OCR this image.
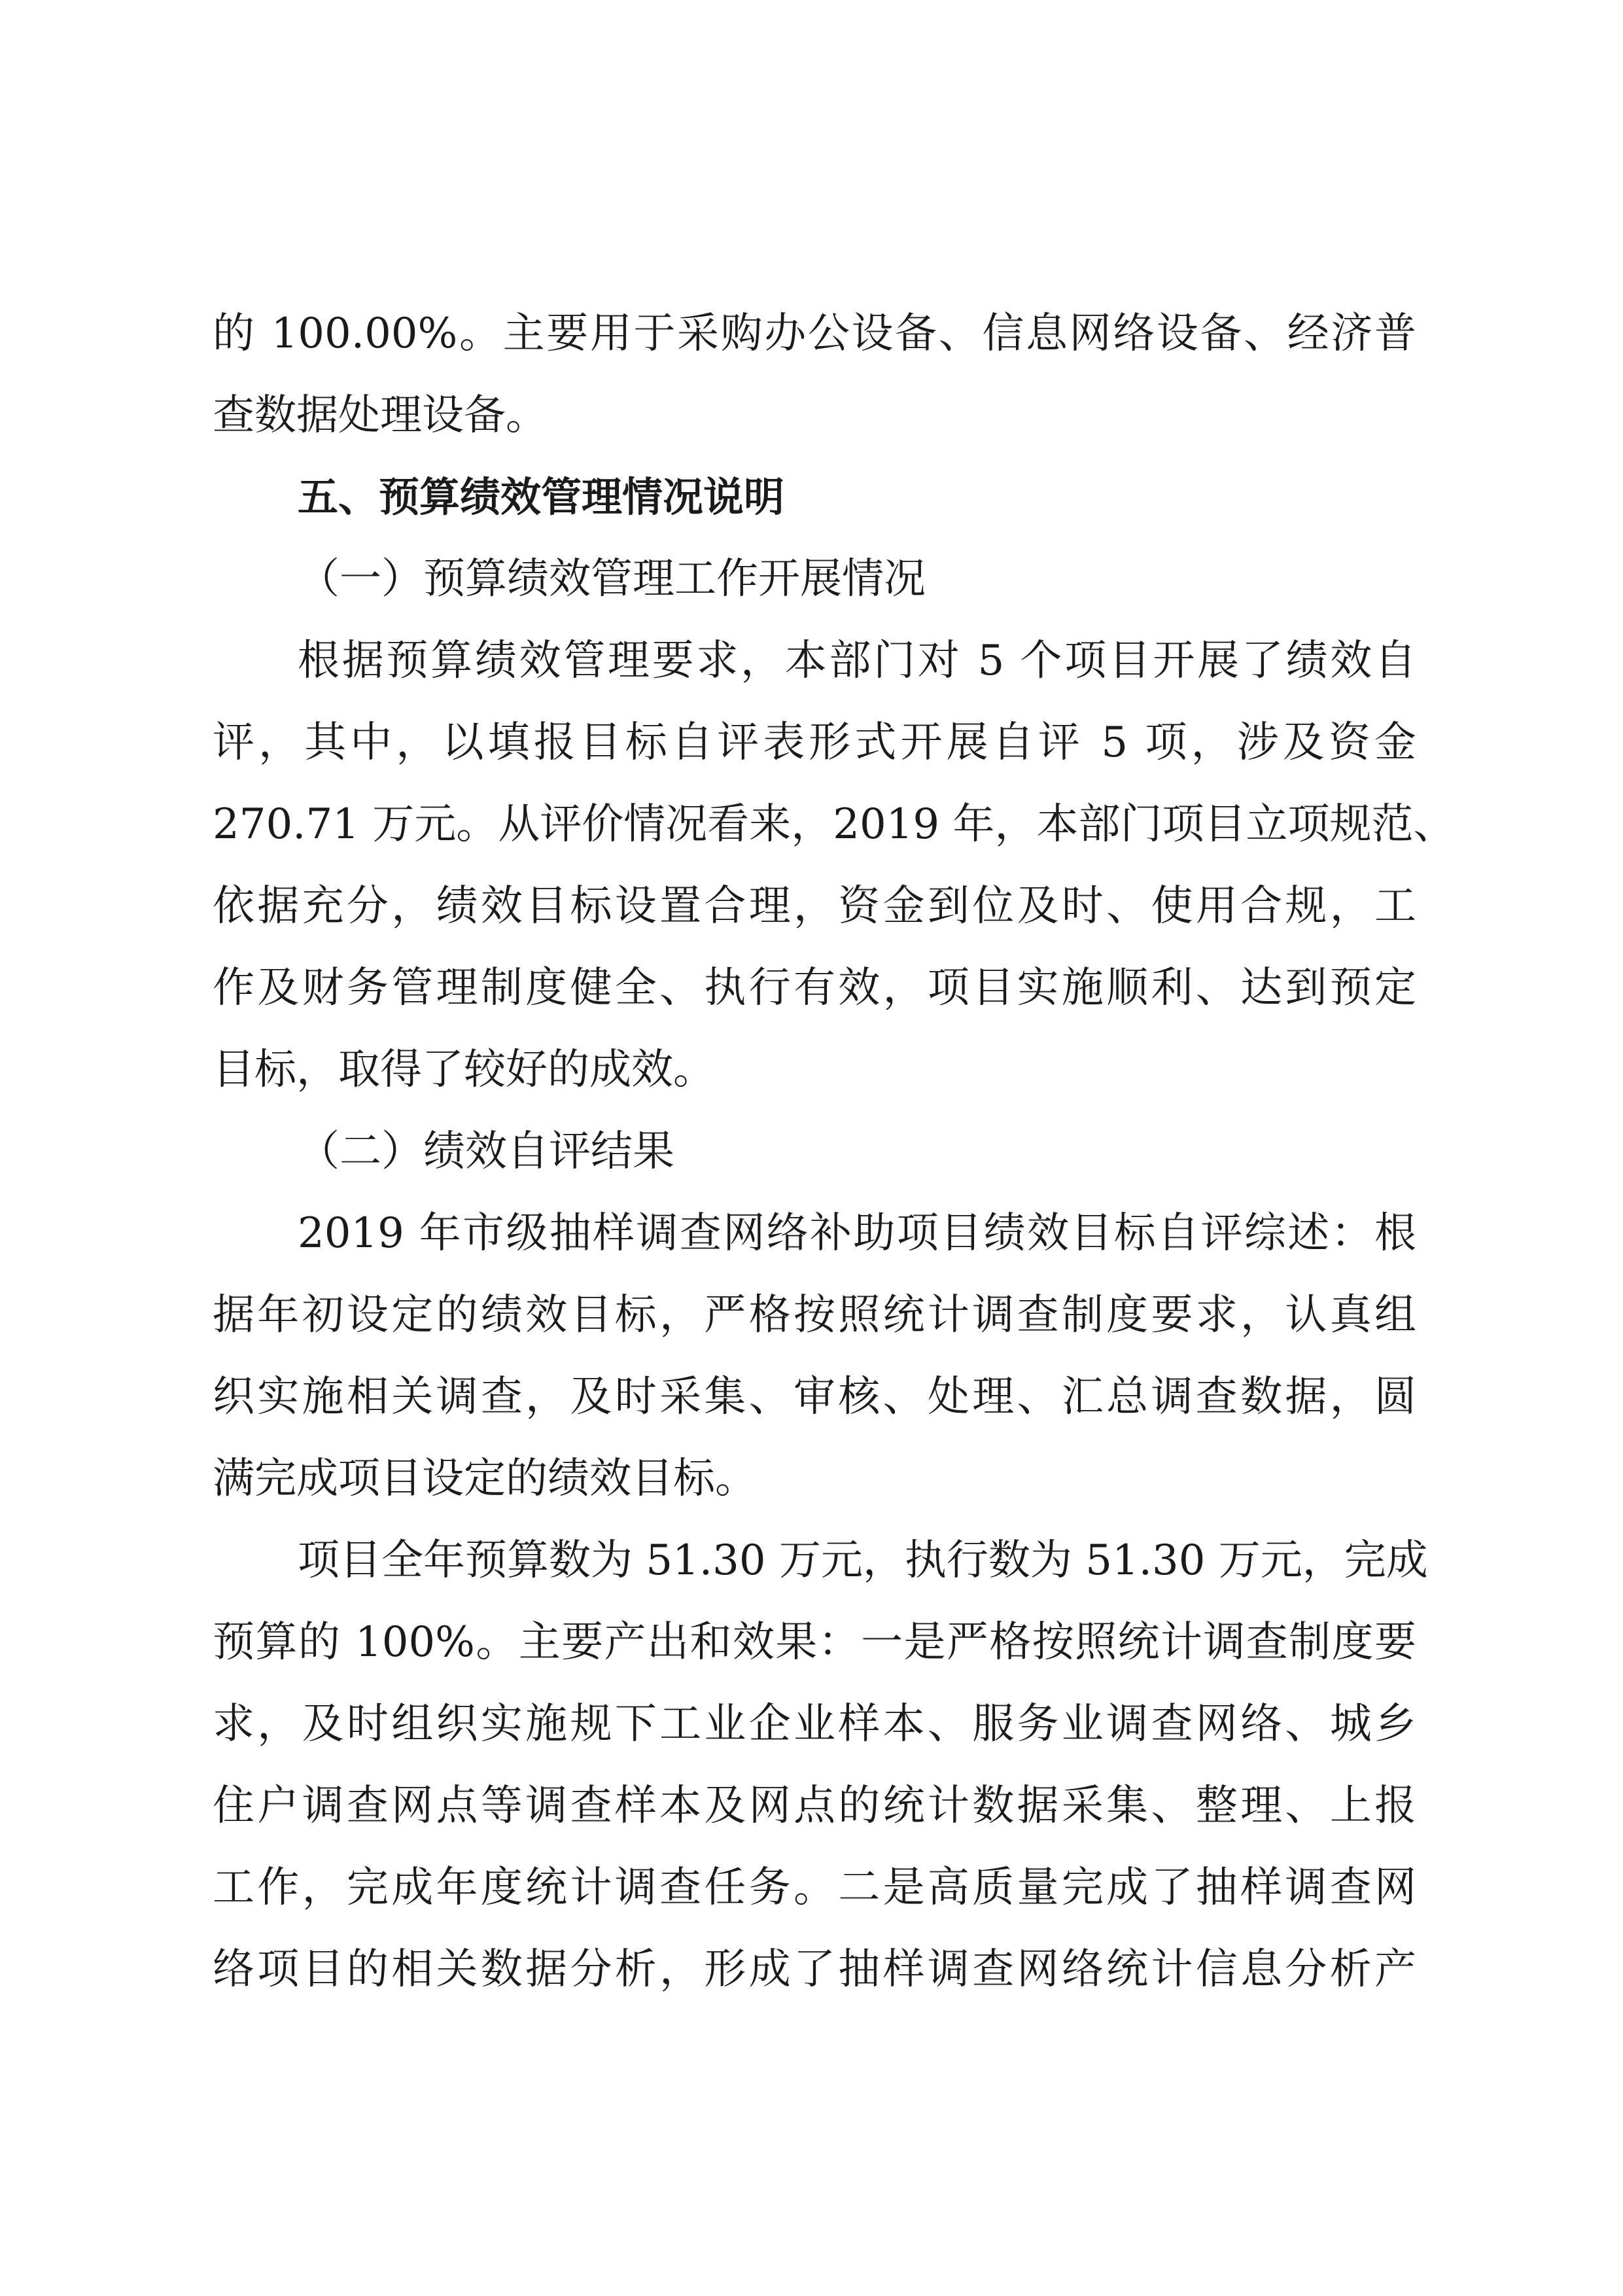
的 100.00%。主要用于采购办公设备、信息网络设备、经济普
查数据处理设备。
五、预算绩效管理情况说明
（一）预算绩效管理工作开展情况
根据预算绩效管理要求，本部门对 5 个项目开展了绩效自
评，其中，以填报目标自评表形式开展自评 5 项，涉及资金
270.71 万元。从评价情况看来，2019 年，本部门项目立项规范、
依据充分，绩效目标设置合理，资金到位及时、使用合规，工
作及财务管理制度健全、执行有效，项目实施顺利、达到预定
目标，取得了较好的成效。
（二）绩效自评结果
2019 年市级抽样调查网络补助项目绩效目标自评综述：根
据年初设定的绩效目标，严格按照统计调查制度要求，认真组
织实施相关调查，及时采集、审核、处理、汇总调查数据，圆
满完成项目设定的绩效目标。
项目全年预算数为 51.30 万元，执行数为 51.30 万元，完成
预算的 100%。主要产出和效果：一是严格按照统计调查制度要
求，及时组织实施规下工业企业样本、服务业调查网络、城乡
住户调查网点等调查样本及网点的统计数据采集、整理、上报
工作，完成年度统计调查任务。二是高质量完成了抽样调查网
络项目的相关数据分析，形成了抽样调查网络统计信息分析产
